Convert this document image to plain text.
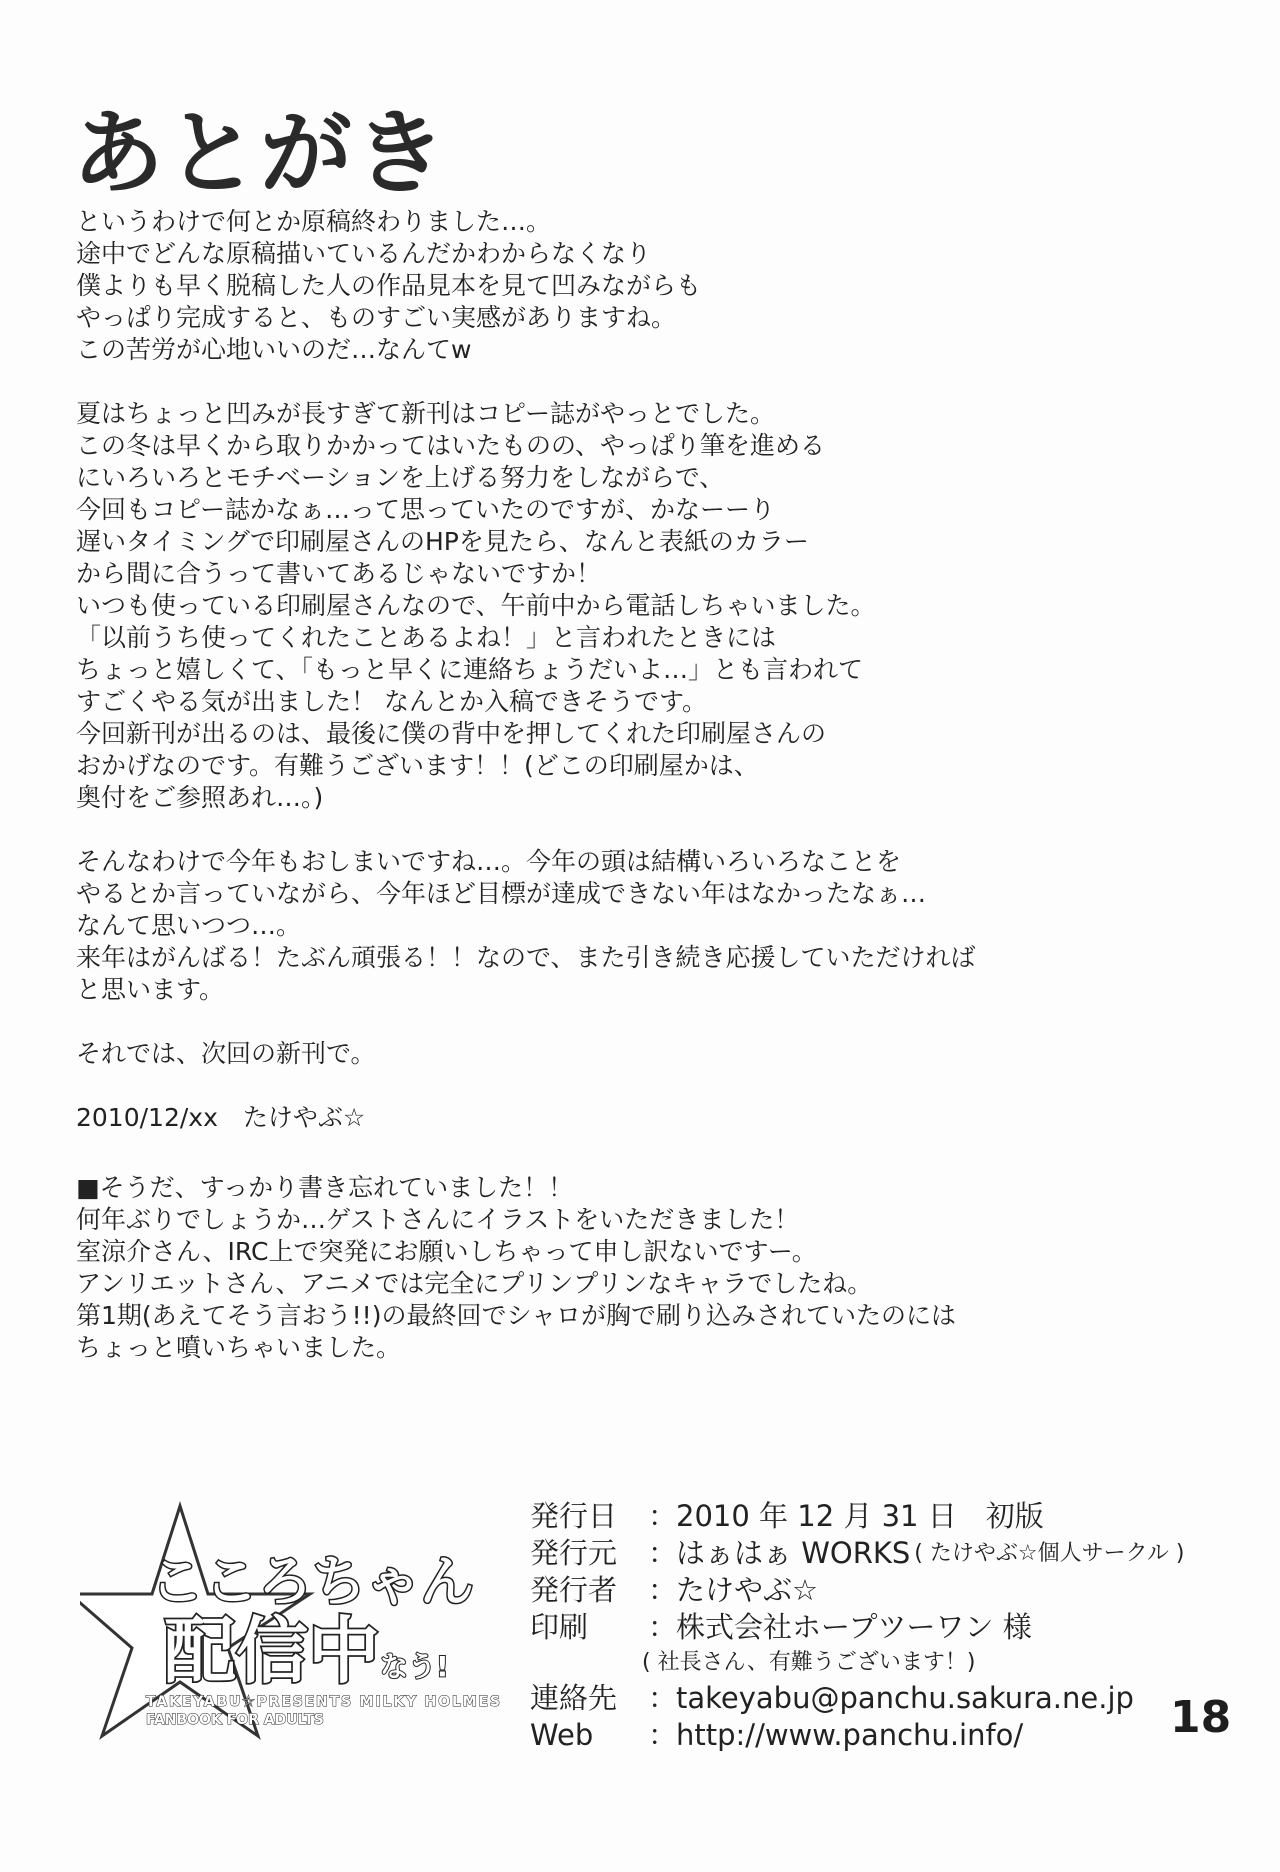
あとがき
というわけで何とか原稿終わりました…。
途中でどんな原稿描いているんだかわからなくなり
僕よりも早く脱稿した人の作品見本を見て凹みながらも
やっぱり完成すると、ものすごい実感がありますね。
この苦労が心地いいのだ…なんてw
夏はちょっと凹みが長すぎて新刊はコピー誌がやっとでした。
この冬は早くから取りかかってはいたものの、やっぱり筆を進める
にいろいろとモチベーションを上げる努力をしながらで、
今回もコピー誌かなぁ…って思っていたのですが、かなーーり
遅いタイミングで印刷屋さんのHPを見たら、なんと表紙のカラー
から間に合うって書いてあるじゃないですか！
いつも使っている印刷屋さんなので、午前中から電話しちゃいました。
「以前うち使ってくれたことあるよね！」と言われたときには
ちょっと嬉しくて、「もっと早くに連絡ちょうだいよ…」とも言われて
すごくやる気が出ました！ なんとか入稿できそうです。
今回新刊が出るのは、最後に僕の背中を押してくれた印刷屋さんの
おかげなのです。有難うございます！！(どこの印刷屋かは、
奥付をご参照あれ…。)
そんなわけで今年もおしまいですね…。今年の頭は結構いろいろなことを
やるとか言っていながら、今年ほど目標が達成できない年はなかったなぁ…
なんて思いつつ…。
来年はがんばる！たぶん頑張る！！なので、また引き続き応援していただければ
と思います。
それでは、次回の新刊で。
2010/12/xx　たけやぶ☆
■そうだ、すっかり書き忘れていました！！
何年ぶりでしょうか…ゲストさんにイラストをいただきました！
室涼介さん、IRC上で突発にお願いしちゃって申し訳ないですー。
アンリエットさん、アニメでは完全にプリンプリンなキャラでしたね。
第1期(あえてそう言おう!!)の最終回でシャロが胸で刷り込みされていたのには
ちょっと噴いちゃいました。
こころちゃん
配信中 なう!
TAKEYABU☆PRESENTS MILKY HOLMES
FANBOOK FOR ADULTS
発行日	：
2010 年 12 月 31 日　初版
発行元	：
はぁはぁ WORKS ( たけやぶ☆個人サークル )
発行者	：
たけやぶ☆
印刷	：
株式会社ホープツーワン 様
( 社長さん、有難うございます！)
連絡先	：
takeyabu@panchu.sakura.ne.jp
Web	：
http://www.panchu.info/	18
